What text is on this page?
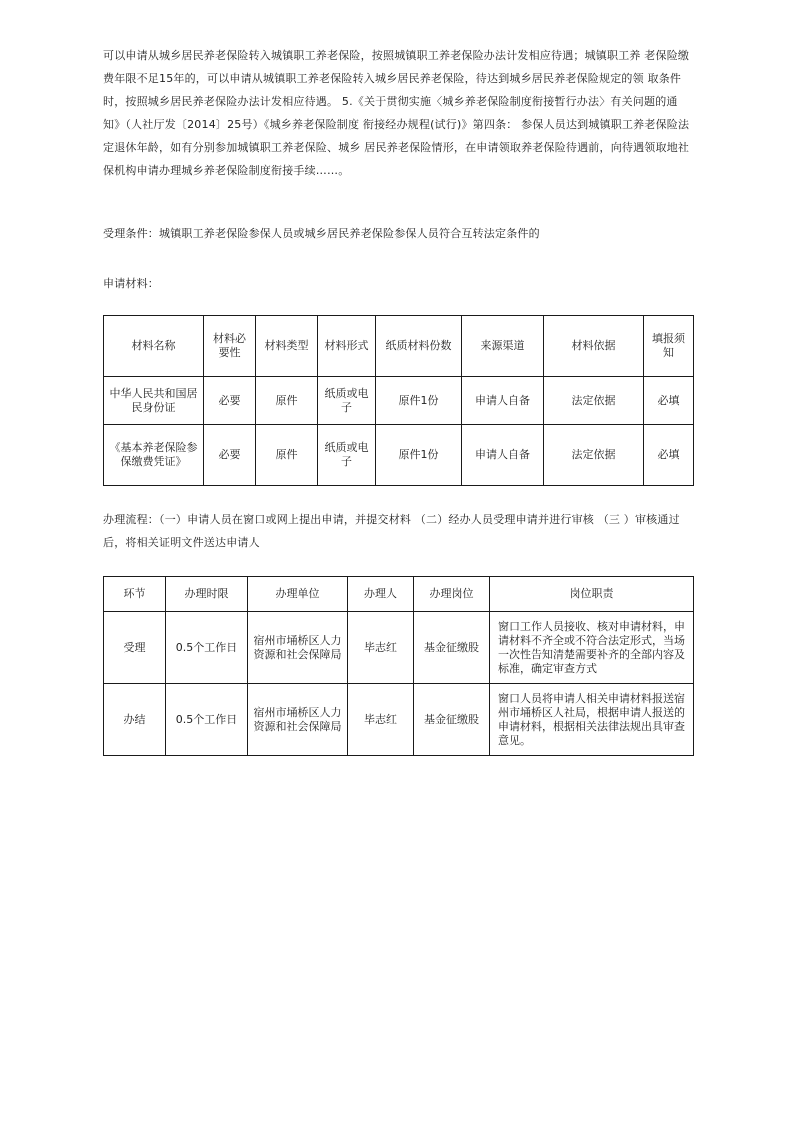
可以申请从城乡居民养老保险转入城镇职工养老保险，按照城镇职工养老保险办法计发相应待遇；城镇职工养 老保险缴费年限不足15年的，可以申请从城镇职工养老保险转入城乡居民养老保险，待达到城乡居民养老保险规定的领 取条件时，按照城乡居民养老保险办法计发相应待遇。 5.《关于贯彻实施〈城乡养老保险制度衔接暂行办法〉有关问题的通知》（人社厅发〔2014〕25号）《城乡养老保险制度 衔接经办规程(试行)》第四条： 参保人员达到城镇职工养老保险法定退休年龄，如有分别参加城镇职工养老保险、城乡 居民养老保险情形，在申请领取养老保险待遇前，向待遇领取地社保机构申请办理城乡养老保险制度衔接手续……。
受理条件：城镇职工养老保险参保人员或城乡居民养老保险参保人员符合互转法定条件的
申请材料：
材料名称	材料必要性	材料类型	材料形式	纸质材料份数	来源渠道	材料依据	填报须知
中华人民共和国居民身份证	必要	原件	纸质或电子	原件1份	申请人自备	法定依据	必填
《基本养老保险参保缴费凭证》	必要	原件	纸质或电子	原件1份	申请人自备	法定依据	必填
办理流程：（一）申请人员在窗口或网上提出申请，并提交材料 （二）经办人员受理申请并进行审核 （三 ）审核通过后，将相关证明文件送达申请人
环节	办理时限	办理单位	办理人	办理岗位	岗位职责
受理	0.5个工作日	宿州市埇桥区人力资源和社会保障局	毕志红	基金征缴股	窗口工作人员接收、核对申请材料，申请材料不齐全或不符合法定形式，当场一次性告知清楚需要补齐的全部内容及标准，确定审查方式
办结	0.5个工作日	宿州市埇桥区人力资源和社会保障局	毕志红	基金征缴股	窗口人员将申请人相关申请材料报送宿州市埇桥区人社局，根据申请人报送的申请材料，根据相关法律法规出具审查意见。
